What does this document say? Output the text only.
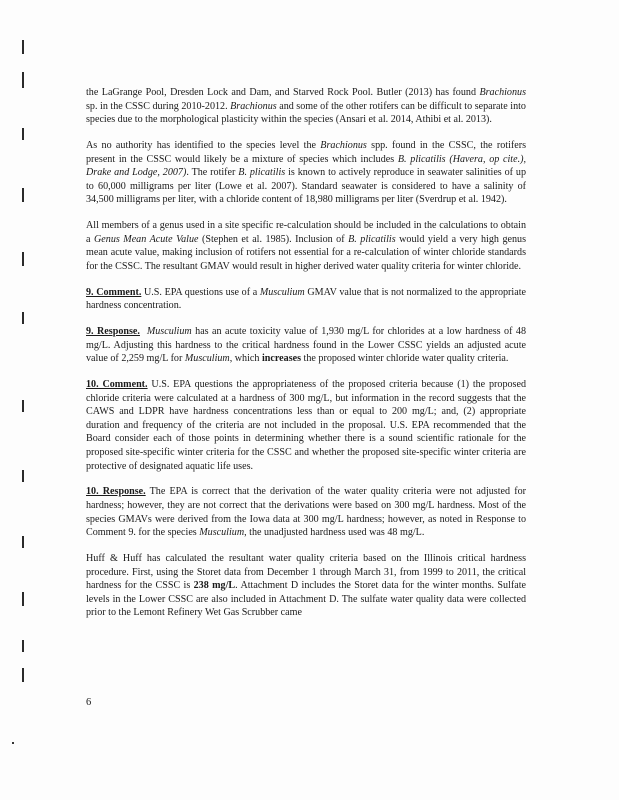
the LaGrange Pool, Dresden Lock and Dam, and Starved Rock Pool. Butler (2013) has found Brachionus sp. in the CSSC during 2010-2012. Brachionus and some of the other rotifers can be difficult to separate into species due to the morphological plasticity within the species (Ansari et al. 2014, Athibi et al. 2013).

As no authority has identified to the species level the Brachionus spp. found in the CSSC, the rotifers present in the CSSC would likely be a mixture of species which includes B. plicatilis (Havera, op cite.), Drake and Lodge, 2007). The rotifer B. plicatilis is known to actively reproduce in seawater salinities of up to 60,000 milligrams per liter (Lowe et al. 2007). Standard seawater is considered to have a salinity of 34,500 milligrams per liter, with a chloride content of 18,980 milligrams per liter (Sverdrup et al. 1942).

All members of a genus used in a site specific re-calculation should be included in the calculations to obtain a Genus Mean Acute Value (Stephen et al. 1985). Inclusion of B. plicatilis would yield a very high genus mean acute value, making inclusion of rotifers not essential for a re-calculation of winter chloride standards for the CSSC. The resultant GMAV would result in higher derived water quality criteria for winter chloride.

9. Comment. U.S. EPA questions use of a Musculium GMAV value that is not normalized to the appropriate hardness concentration.

9. Response. Musculium has an acute toxicity value of 1,930 mg/L for chlorides at a low hardness of 48 mg/L. Adjusting this hardness to the critical hardness found in the Lower CSSC yields an adjusted acute value of 2,259 mg/L for Musculium, which increases the proposed winter chloride water quality criteria.

10. Comment. U.S. EPA questions the appropriateness of the proposed criteria because (1) the proposed chloride criteria were calculated at a hardness of 300 mg/L, but information in the record suggests that the CAWS and LDPR have hardness concentrations less than or equal to 200 mg/L; and, (2) appropriate duration and frequency of the criteria are not included in the proposal. U.S. EPA recommended that the Board consider each of those points in determining whether there is a sound scientific rationale for the proposed site-specific winter criteria for the CSSC and whether the proposed site-specific winter criteria are protective of designated aquatic life uses.

10. Response. The EPA is correct that the derivation of the water quality criteria were not adjusted for hardness; however, they are not correct that the derivations were based on 300 mg/L hardness. Most of the species GMAVs were derived from the Iowa data at 300 mg/L hardness; however, as noted in Response to Comment 9. for the species Musculium, the unadjusted hardness used was 48 mg/L.

Huff & Huff has calculated the resultant water quality criteria based on the Illinois critical hardness procedure. First, using the Storet data from December 1 through March 31, from 1999 to 2011, the critical hardness for the CSSC is 238 mg/L. Attachment D includes the Storet data for the winter months. Sulfate levels in the Lower CSSC are also included in Attachment D. The sulfate water quality data were collected prior to the Lemont Refinery Wet Gas Scrubber came

6
